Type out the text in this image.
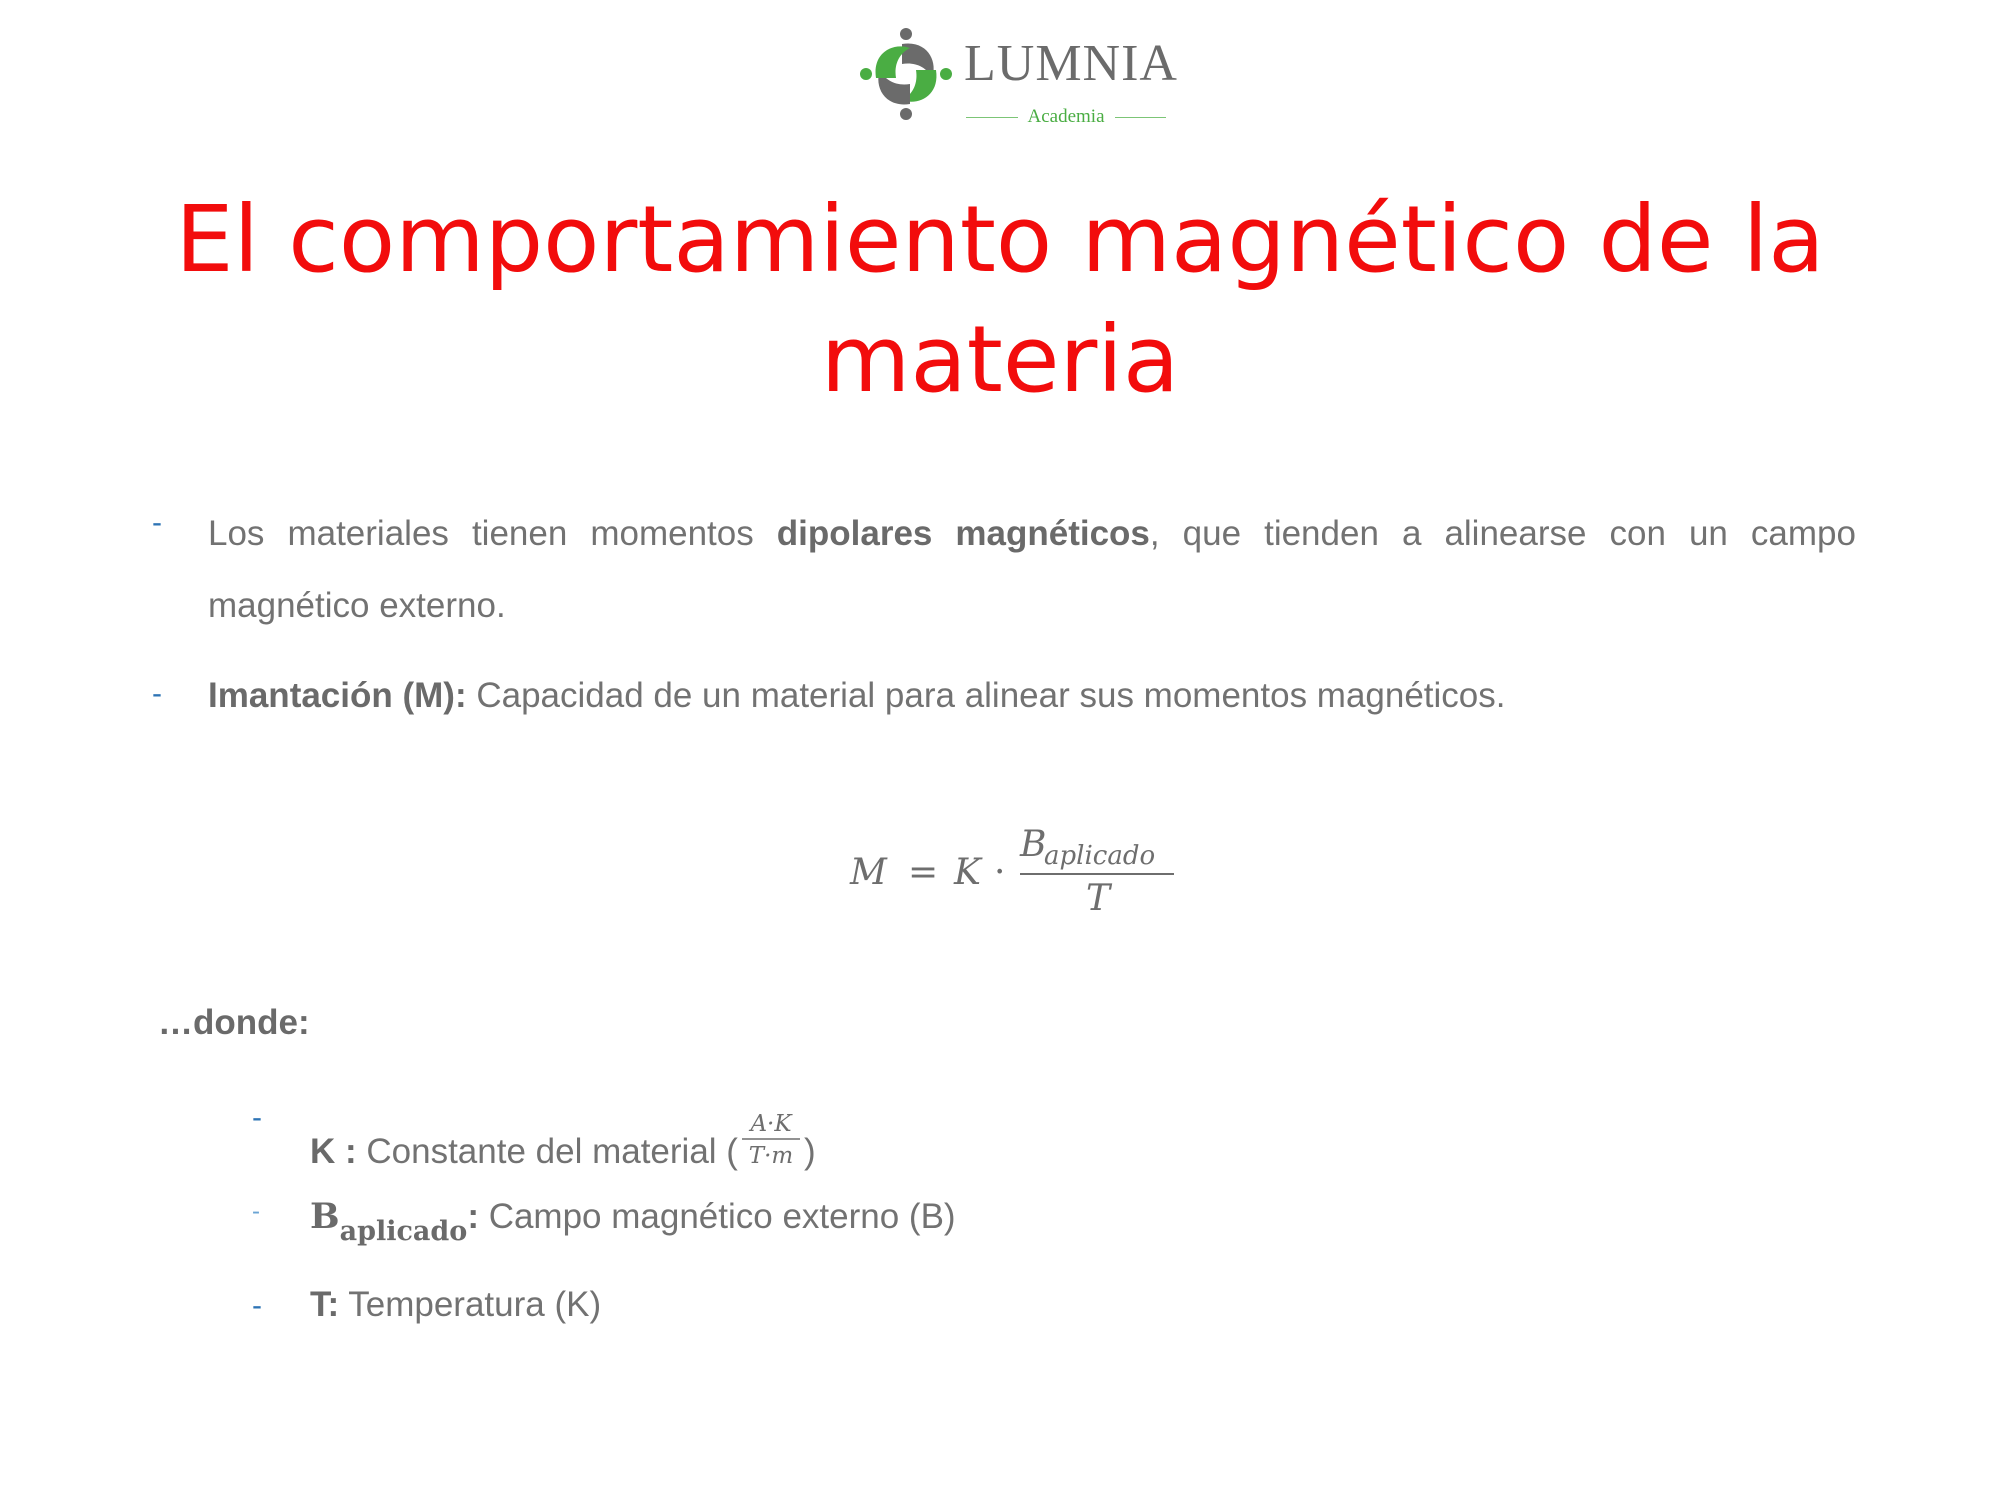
LUMNIA
Academia
El comportamiento magnético de la materia
- Los materiales tienen momentos dipolares magnéticos, que tienden a alinearse con un campo magnético externo.
- Imantación (M): Capacidad de un material para alinear sus momentos magnéticos.
M = K ·
B
aplicado
T
…donde:
-
K : Constante del material (
A·K
T·m )
- $B_{aplicado}$: Campo magnético externo (B)
- T: Temperatura (K)
